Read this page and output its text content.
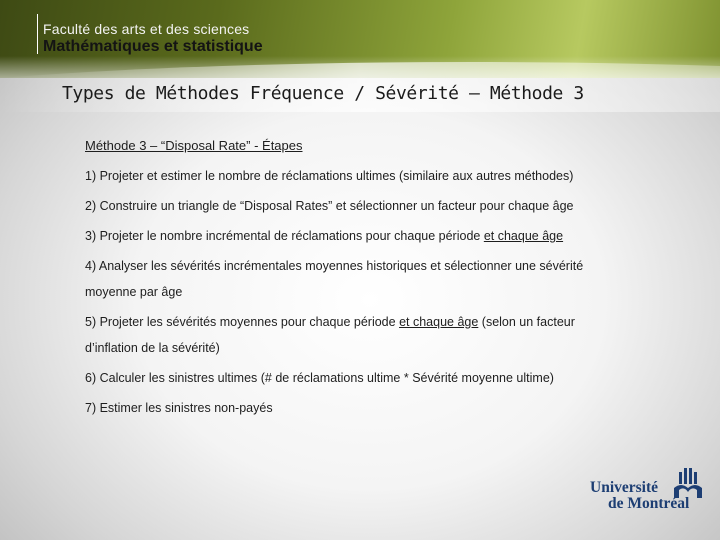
Faculté des arts et des sciences
Mathématiques et statistique
Types de Méthodes Fréquence / Sévérité – Méthode 3

Méthode 3 – “Disposal Rate” - Étapes

1) Projeter et estimer le nombre de réclamations ultimes (similaire aux autres méthodes)

2) Construire un triangle de “Disposal Rates” et sélectionner un facteur pour chaque âge

3) Projeter le nombre incrémental de réclamations pour chaque période et chaque âge

4) Analyser les sévérités incrémentales moyennes historiques et sélectionner une sévérité

moyenne par âge

5) Projeter les sévérités moyennes pour chaque période et chaque âge (selon un facteur

d’inflation de la sévérité)

6) Calculer les sinistres ultimes (# de réclamations ultime * Sévérité moyenne ultime)

7) Estimer les sinistres non-payés

Université
de Montréal
